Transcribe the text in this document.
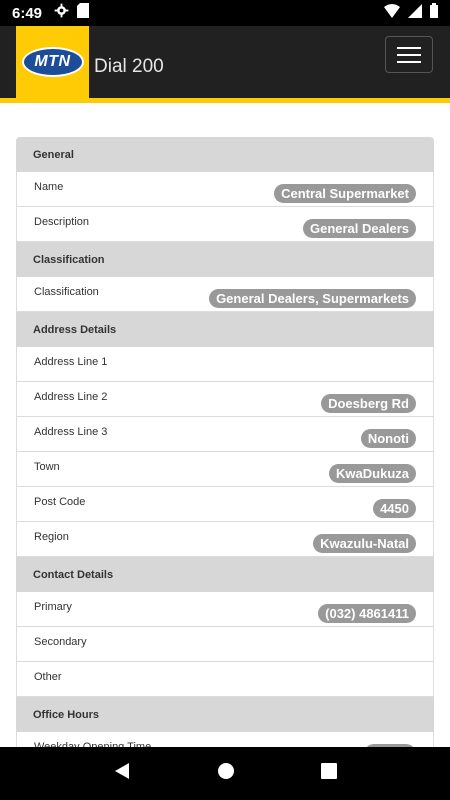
6:49
MTN Dial 200
General
Name	Central Supermarket
Description	General Dealers
Classification
Classification	General Dealers, Supermarkets
Address Details
Address Line 1
Address Line 2	Doesberg Rd
Address Line 3	Nonoti
Town	KwaDukuza
Post Code	4450
Region	Kwazulu-Natal
Contact Details
Primary	(032) 4861411
Secondary
Other
Office Hours
